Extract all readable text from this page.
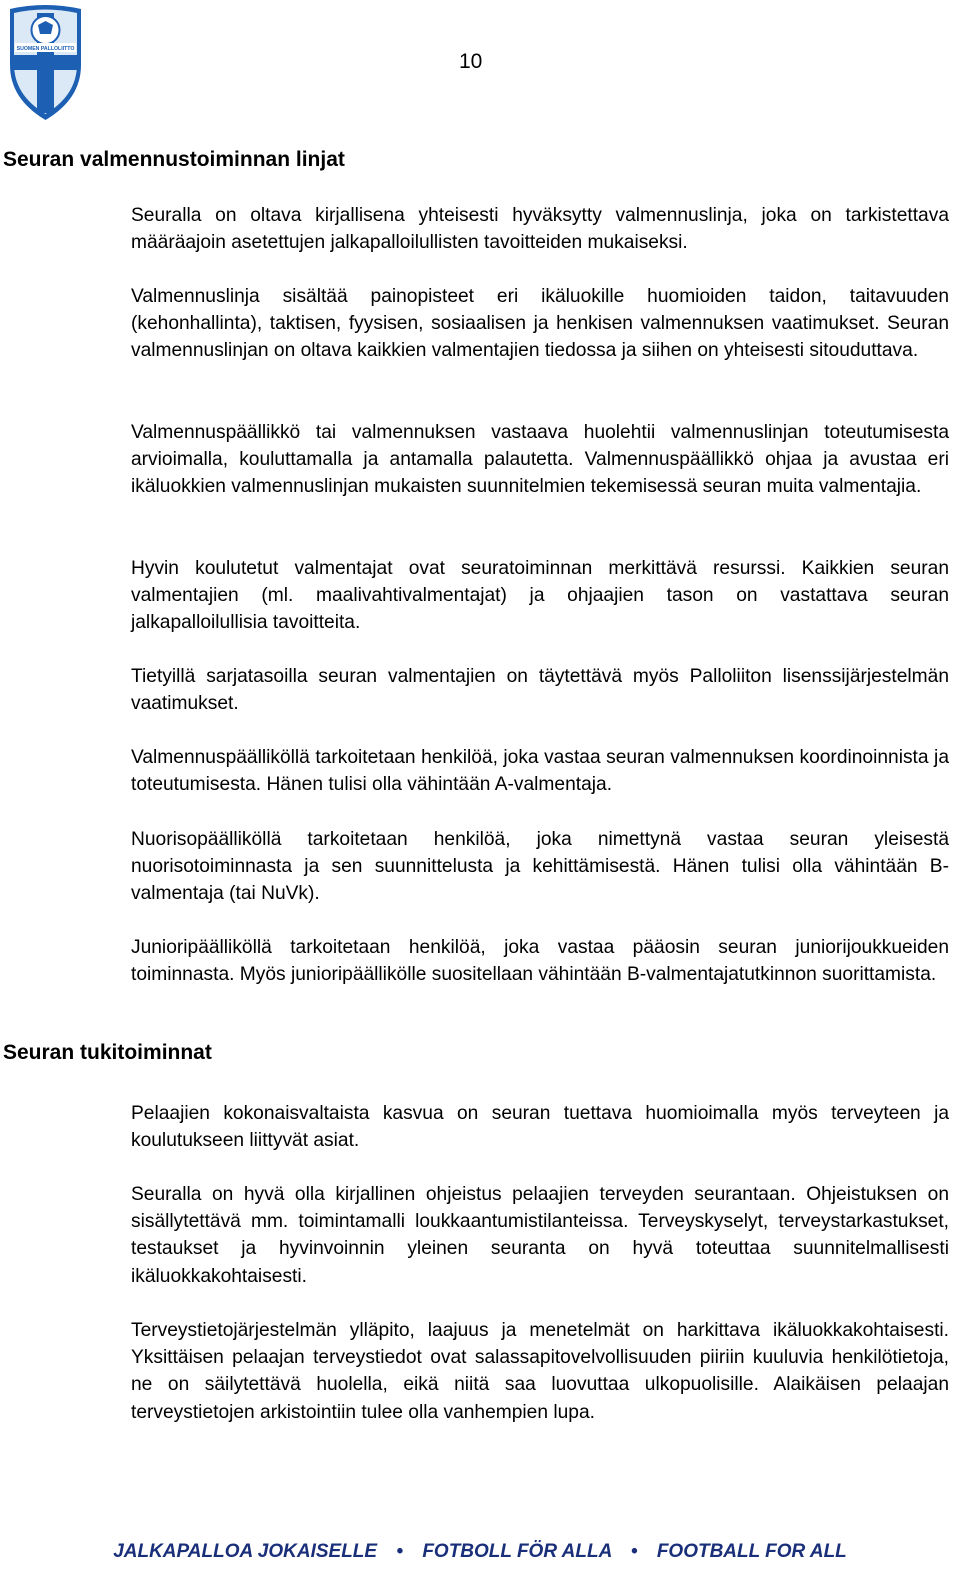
SUOMEN PALLOLIITTO
10
Seuran valmennustoiminnan linjat
Seuralla on oltava kirjallisena yhteisesti hyväksytty valmennuslinja, joka on tarkistettava määräajoin asetettujen jalkapalloilullisten tavoitteiden mukaiseksi.
Valmennuslinja sisältää painopisteet eri ikäluokille huomioiden taidon, taitavuuden (kehonhallinta), taktisen, fyysisen, sosiaalisen ja henkisen valmennuksen vaatimukset. Seuran valmennuslinjan on oltava kaikkien valmentajien tiedossa ja siihen on yhteisesti sitouduttava.
Valmennuspäällikkö tai valmennuksen vastaava huolehtii valmennuslinjan toteutumisesta arvioimalla, kouluttamalla ja antamalla palautetta. Valmennuspäällikkö ohjaa ja avustaa eri ikäluokkien valmennuslinjan mukaisten suunnitelmien tekemisessä seuran muita valmentajia.
Hyvin koulutetut valmentajat ovat seuratoiminnan merkittävä resurssi. Kaikkien seuran valmentajien (ml. maalivahtivalmentajat) ja ohjaajien tason on vastattava seuran jalkapalloilullisia tavoitteita.
Tietyillä sarjatasoilla seuran valmentajien on täytettävä myös Palloliiton lisenssijärjestelmän vaatimukset.
Valmennuspäälliköllä tarkoitetaan henkilöä, joka vastaa seuran valmennuksen koordinoinnista ja toteutumisesta. Hänen tulisi olla vähintään A-valmentaja.
Nuorisopäälliköllä tarkoitetaan henkilöä, joka nimettynä vastaa seuran yleisestä nuorisotoiminnasta ja sen suunnittelusta ja kehittämisestä. Hänen tulisi olla vähintään B-valmentaja (tai NuVk).
Junioripäälliköllä tarkoitetaan henkilöä, joka vastaa pääosin seuran juniorijoukkueiden toiminnasta. Myös junioripäällikölle suositellaan vähintään B-valmentajatutkinnon suorittamista.
Seuran tukitoiminnat
Pelaajien kokonaisvaltaista kasvua on seuran tuettava huomioimalla myös terveyteen ja koulutukseen liittyvät asiat.
Seuralla on hyvä olla kirjallinen ohjeistus pelaajien terveyden seurantaan. Ohjeistuksen on sisällytettävä mm. toimintamalli loukkaantumistilanteissa. Terveyskyselyt, terveystarkastukset, testaukset ja hyvinvoinnin yleinen seuranta on hyvä toteuttaa suunnitelmallisesti ikäluokkakohtaisesti.
Terveystietojärjestelmän ylläpito, laajuus ja menetelmät on harkittava ikäluokkakohtaisesti. Yksittäisen pelaajan terveystiedot ovat salassapitovelvollisuuden piiriin kuuluvia henkilötietoja, ne on säilytettävä huolella, eikä niitä saa luovuttaa ulkopuolisille. Alaikäisen pelaajan terveystietojen arkistointiin tulee olla vanhempien lupa.
JALKAPALLOA JOKAISELLE • FOTBOLL FÖR ALLA • FOOTBALL FOR ALL
